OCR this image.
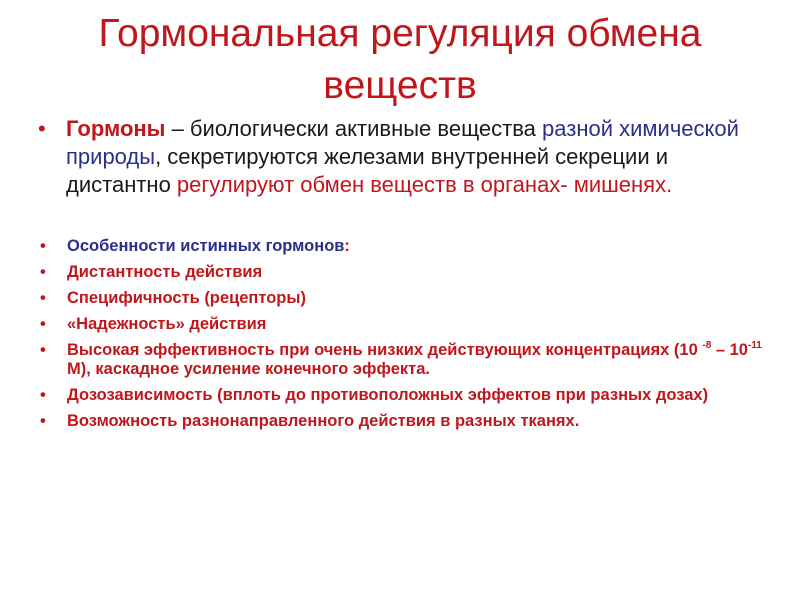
Гормональная регуляция обмена веществ
• Гормоны – биологически активные вещества разной химической природы, секретируются железами внутренней секреции и дистантно регулируют обмен веществ в органах- мишенях.
• Особенности истинных гормонов:
• Дистантность действия
• Специфичность (рецепторы)
• «Надежность» действия
• Высокая эффективность при очень низких действующих концентрациях (10 $^{-8} - 10^{-11}$ М), каскадное усиление конечного эффекта.
• Дозозависимость (вплоть до противоположных эффектов при разных дозах)
• Возможность разнонаправленного действия в разных тканях.
